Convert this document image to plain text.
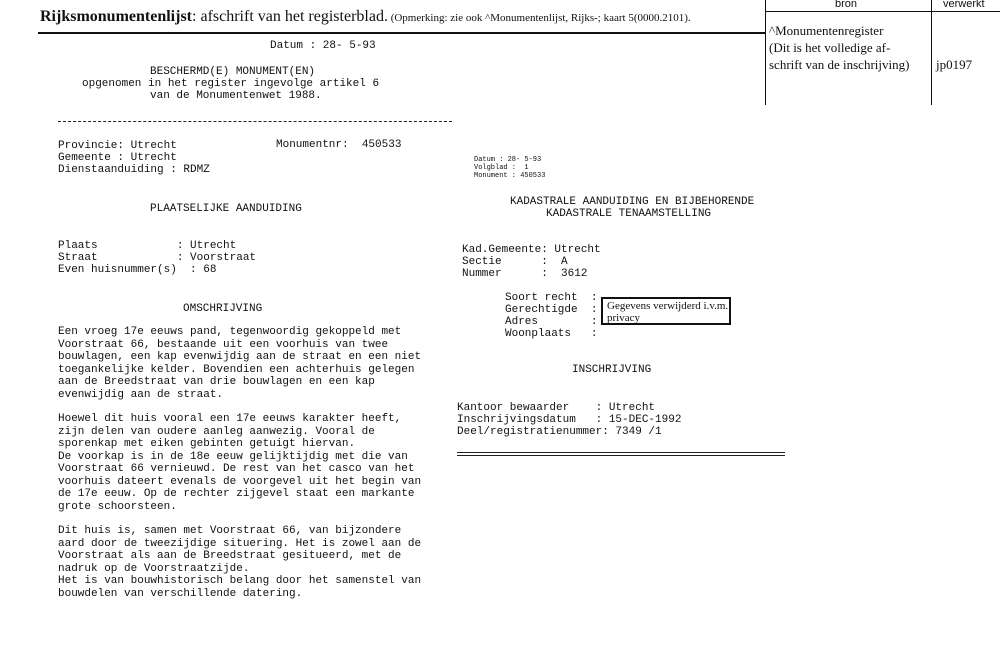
Rijksmonumentenlijst: afschrift van het registerblad. (Opmerking: zie ook ^Monumentenlijst, Rijks-; kaart 5(0000.2101).
bron	verwerkt
^Monumentenregister
(Dit is het volledige af-
schrift van de inschrijving) jp0197
Datum : 28- 5-93
BESCHERMD(E) MONUMENT(EN)
opgenomen in het register ingevolge artikel 6
van de Monumentenwet 1988.
Provincie: Utrecht	Monumentnr:  450533
Gemeente : Utrecht
Dienstaanduiding : RDMZ
PLAATSELIJKE AANDUIDING
Plaats            : Utrecht
Straat            : Voorstraat
Even huisnummer(s)  : 68
OMSCHRIJVING
Een vroeg 17e eeuws pand, tegenwoordig gekoppeld met
Voorstraat 66, bestaande uit een voorhuis van twee
bouwlagen, een kap evenwijdig aan de straat en een niet
toegankelijke kelder. Bovendien een achterhuis gelegen
aan de Breedstraat van drie bouwlagen en een kap
evenwijdig aan de straat.
Hoewel dit huis vooral een 17e eeuws karakter heeft,
zijn delen van oudere aanleg aanwezig. Vooral de
sporenkap met eiken gebinten getuigt hiervan.
De voorkap is in de 18e eeuw gelijktijdig met die van
Voorstraat 66 vernieuwd. De rest van het casco van het
voorhuis dateert evenals de voorgevel uit het begin van
de 17e eeuw. Op de rechter zijgevel staat een markante
grote schoorsteen.
Dit huis is, samen met Voorstraat 66, van bijzondere
aard door de tweezijdige situering. Het is zowel aan de
Voorstraat als aan de Breedstraat gesitueerd, met de
nadruk op de Voorstraatzijde.
Het is van bouwhistorisch belang door het samenstel van
bouwdelen van verschillende datering.
Datum : 28- 5-93
Volgblad :  1
Monument : 450533
KADASTRALE AANDUIDING EN BIJBEHORENDE
KADASTRALE TENAAMSTELLING
Kad.Gemeente: Utrecht
Sectie      :  A
Nummer      :  3612
Soort recht  :
Gerechtigde  :
Adres        :
Woonplaats   :
Gegevens verwijderd i.v.m.
privacy
INSCHRIJVING
Kantoor bewaarder    : Utrecht
Inschrijvingsdatum   : 15-DEC-1992
Deel/registratienummer: 7349 /1
